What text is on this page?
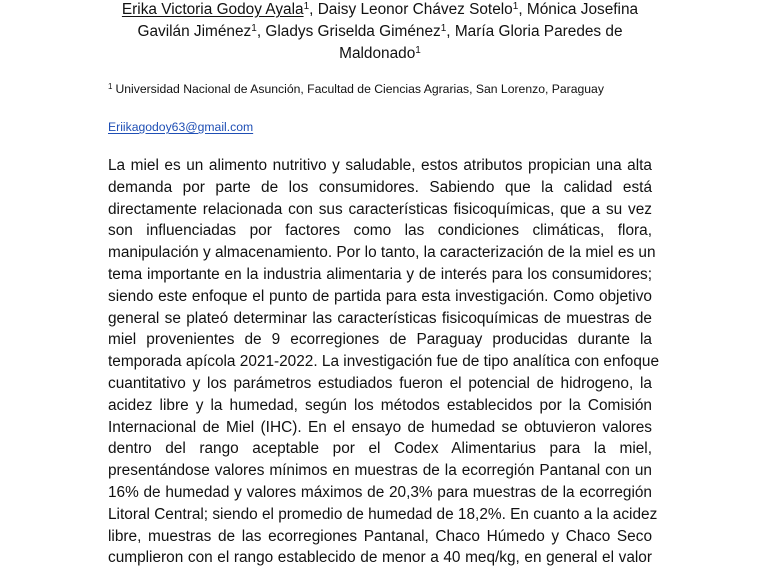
Erika Victoria Godoy Ayala$^1$, Daisy Leonor Chávez Sotelo$^1$, Mónica Josefina
Gavilán Jiménez$^1$, Gladys Griselda Giménez$^1$, María Gloria Paredes de
Maldonado$^1$
$^1$ Universidad Nacional de Asunción, Facultad de Ciencias Agrarias, San Lorenzo, Paraguay
Eriikagodoy63@gmail.com
La miel es un alimento nutritivo y saludable, estos atributos propician una alta
demanda por parte de los consumidores. Sabiendo que la calidad está
directamente relacionada con sus características fisicoquímicas, que a su vez
son influenciadas por factores como las condiciones climáticas, flora,
manipulación y almacenamiento. Por lo tanto, la caracterización de la miel es un
tema importante en la industria alimentaria y de interés para los consumidores;
siendo este enfoque el punto de partida para esta investigación. Como objetivo
general se plateó determinar las características fisicoquímicas de muestras de
miel provenientes de 9 ecorregiones de Paraguay producidas durante la
temporada apícola 2021-2022. La investigación fue de tipo analítica con enfoque
cuantitativo y los parámetros estudiados fueron el potencial de hidrogeno, la
acidez libre y la humedad, según los métodos establecidos por la Comisión
Internacional de Miel (IHC). En el ensayo de humedad se obtuvieron valores
dentro del rango aceptable por el Codex Alimentarius para la miel,
presentándose valores mínimos en muestras de la ecorregión Pantanal con un
16% de humedad y valores máximos de 20,3% para muestras de la ecorregión
Litoral Central; siendo el promedio de humedad de 18,2%. En cuanto a la acidez
libre, muestras de las ecorregiones Pantanal, Chaco Húmedo y Chaco Seco
cumplieron con el rango establecido de menor a 40 meq/kg, en general el valor
